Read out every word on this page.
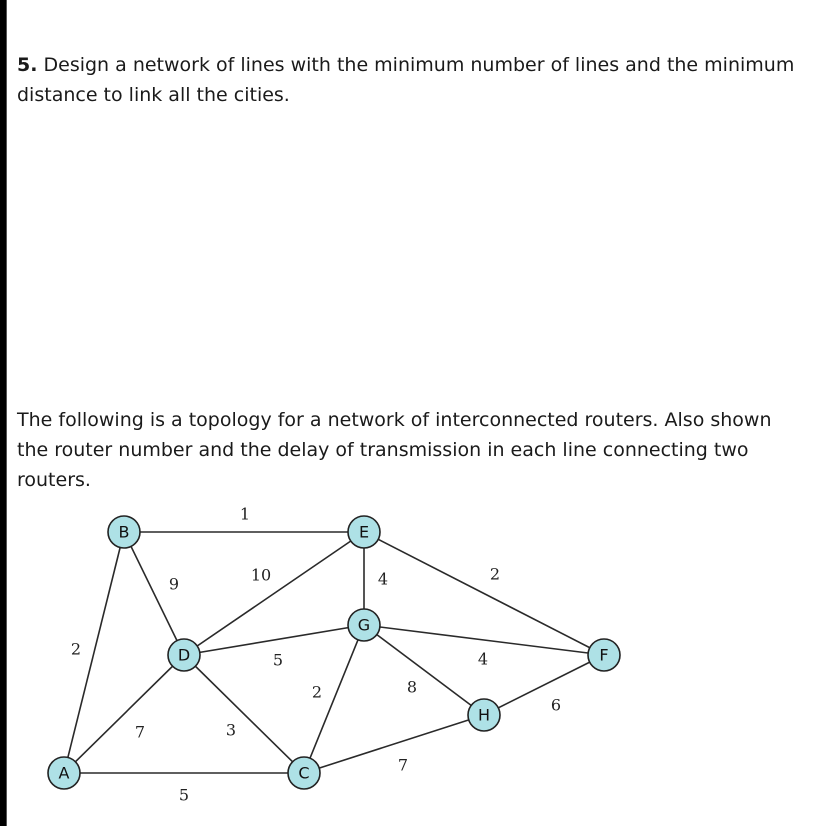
5. Design a network of lines with the minimum number of lines and the minimum distance to link all the cities.

The following is a topology for a network of interconnected routers. Also shown the router number and the delay of transmission in each line connecting two routers.

1
9	10	4	2
2
5	4
2	8
6
7	3
7
5
A
B
C
D
E
F
G
H
